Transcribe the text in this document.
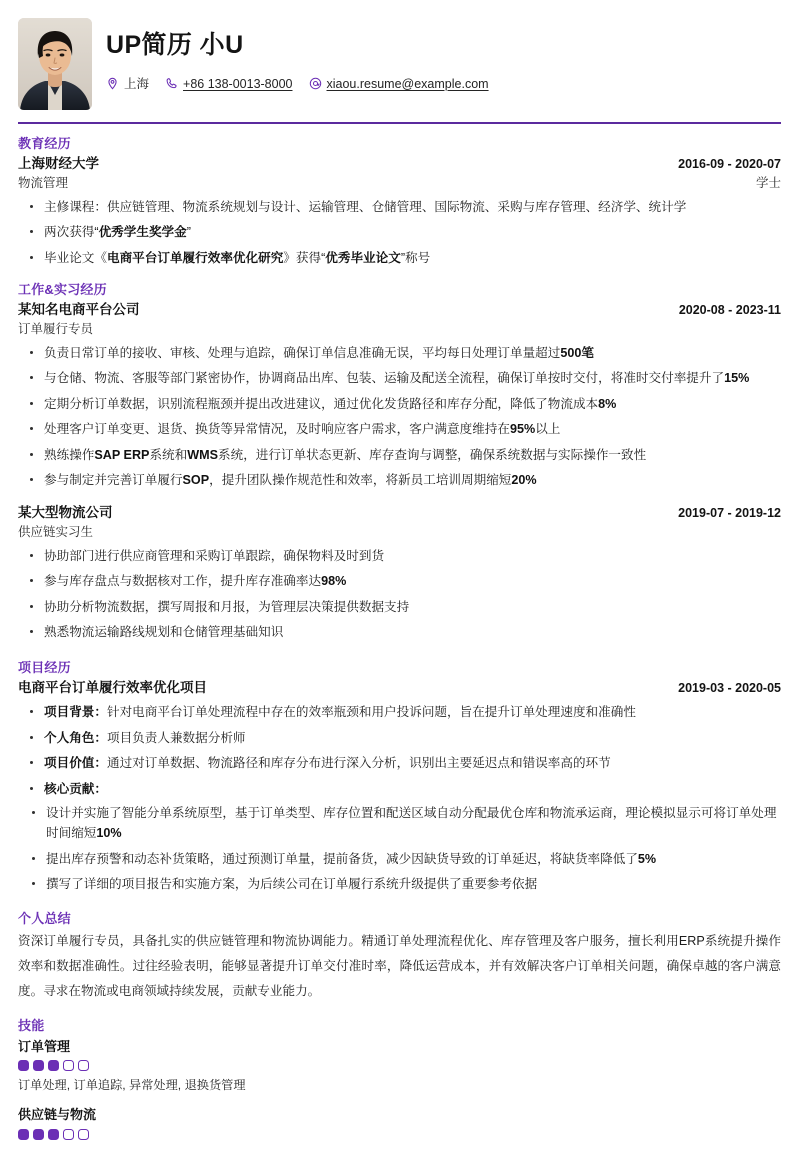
UP简历 小U
上海	+86 138-0013-8000	xiaou.resume@example.com
教育经历
上海财经大学	2016-09 - 2020-07
物流管理	学士
主修课程：供应链管理、物流系统规划与设计、运输管理、仓储管理、国际物流、采购与库存管理、经济学、统计学
两次获得“优秀学生奖学金”
毕业论文《电商平台订单履行效率优化研究》获得“优秀毕业论文”称号
工作&实习经历
某知名电商平台公司	2020-08 - 2023-11
订单履行专员
负责日常订单的接收、审核、处理与追踪，确保订单信息准确无误，平均每日处理订单量超过500笔
与仓储、物流、客服等部门紧密协作，协调商品出库、包装、运输及配送全流程，确保订单按时交付，将准时交付率提升了15%
定期分析订单数据，识别流程瓶颈并提出改进建议，通过优化发货路径和库存分配，降低了物流成本8%
处理客户订单变更、退货、换货等异常情况，及时响应客户需求，客户满意度维持在95%以上
熟练操作SAP ERP系统和WMS系统，进行订单状态更新、库存查询与调整，确保系统数据与实际操作一致性
参与制定并完善订单履行SOP，提升团队操作规范性和效率，将新员工培训周期缩短20%
某大型物流公司	2019-07 - 2019-12
供应链实习生
协助部门进行供应商管理和采购订单跟踪，确保物料及时到货
参与库存盘点与数据核对工作，提升库存准确率达98%
协助分析物流数据，撰写周报和月报，为管理层决策提供数据支持
熟悉物流运输路线规划和仓储管理基础知识
项目经历
电商平台订单履行效率优化项目	2019-03 - 2020-05
项目背景：针对电商平台订单处理流程中存在的效率瓶颈和用户投诉问题，旨在提升订单处理速度和准确性
个人角色：项目负责人兼数据分析师
项目价值：通过对订单数据、物流路径和库存分布进行深入分析，识别出主要延迟点和错误率高的环节
核心贡献：
设计并实施了智能分单系统原型，基于订单类型、库存位置和配送区域自动分配最优仓库和物流承运商，理论模拟显示可将订单处理时间缩短10%
提出库存预警和动态补货策略，通过预测订单量，提前备货，减少因缺货导致的订单延迟，将缺货率降低了5%
撰写了详细的项目报告和实施方案，为后续公司在订单履行系统升级提供了重要参考依据
个人总结
资深订单履行专员，具备扎实的供应链管理和物流协调能力。精通订单处理流程优化、库存管理及客户服务，擅长利用ERP系统提升操作效率和数据准确性。过往经验表明，能够显著提升订单交付准时率，降低运营成本，并有效解决客户订单相关问题，确保卓越的客户满意度。寻求在物流或电商领域持续发展，贡献专业能力。
技能
订单管理
订单处理, 订单追踪, 异常处理, 退换货管理
供应链与物流
